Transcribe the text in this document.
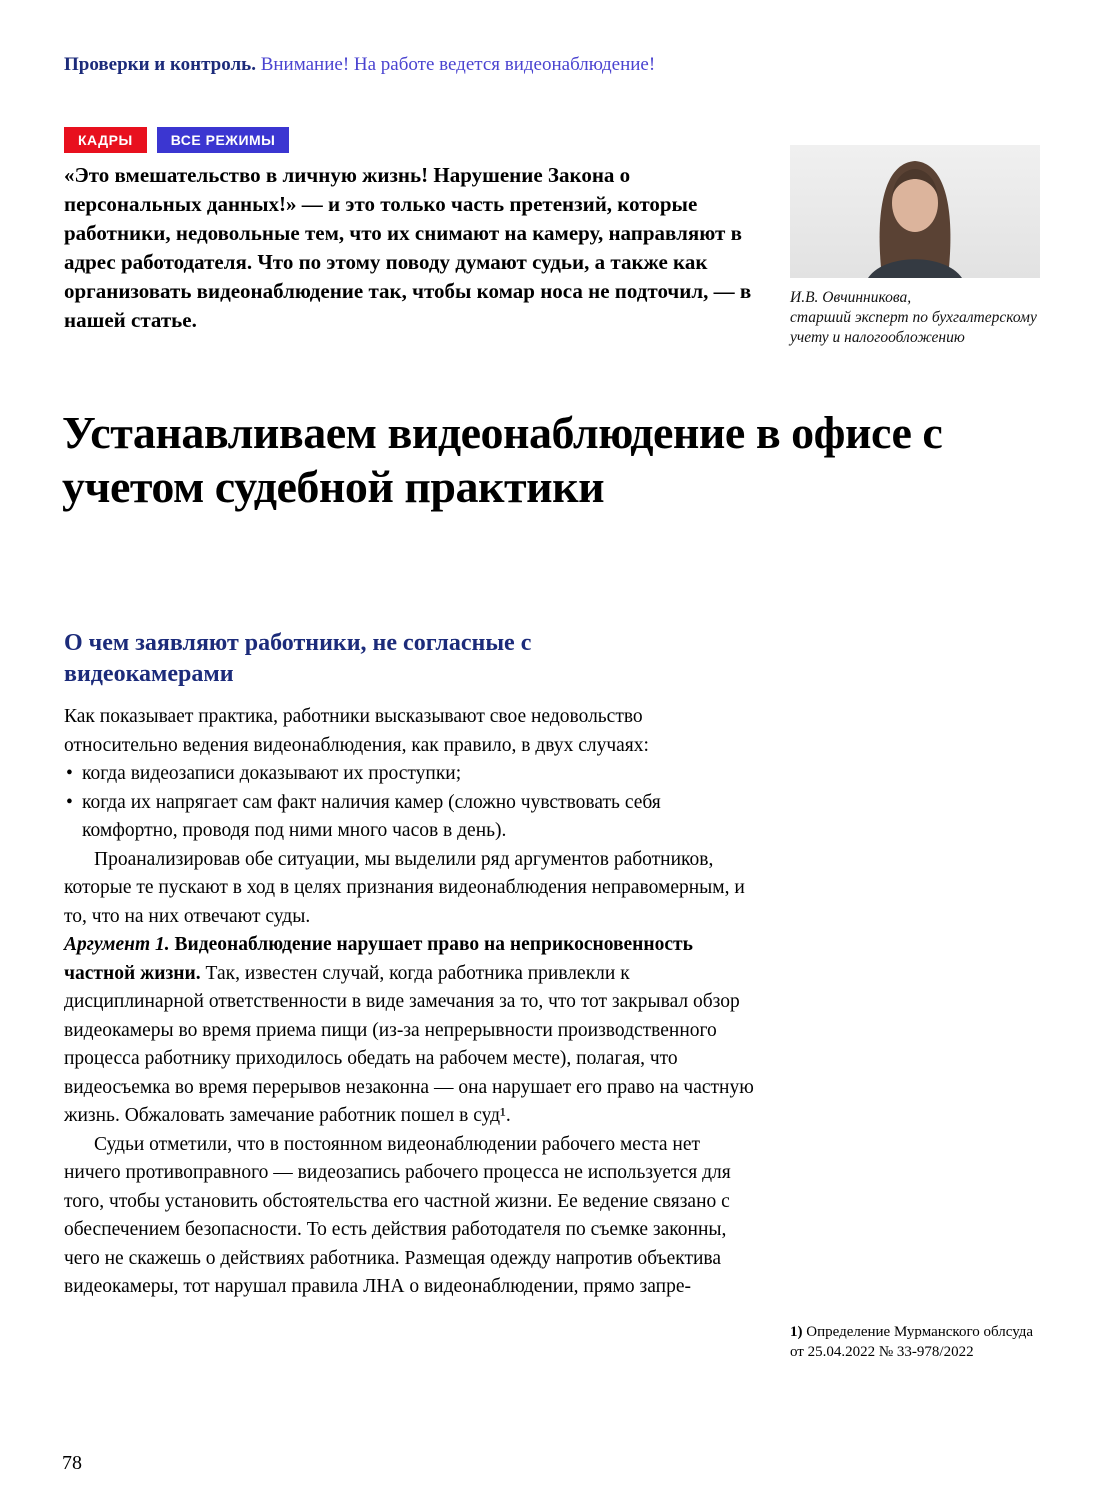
Проверки и контроль. Внимание! На работе ведется видеонаблюдение!
КАДРЫ	ВСЕ РЕЖИМЫ
«Это вмешательство в личную жизнь! Нарушение Закона о персональных данных!» — и это только часть претензий, которые работники, недовольные тем, что их снимают на камеру, направляют в адрес работодателя. Что по этому поводу думают судьи, а также как организовать видеонаблюдение так, чтобы комар носа не подточил, — в нашей статье.
И.В. Овчинникова,
старший эксперт по бухгалтерскому учету и налогообложению
Устанавливаем видеонаблюдение в офисе с учетом судебной практики
О чем заявляют работники, не согласные с видеокамерами

Как показывает практика, работники высказывают свое недовольство относительно ведения видеонаблюдения, как правило, в двух случаях:

• когда видеозаписи доказывают их проступки;
• когда их напрягает сам факт наличия камер (сложно чувствовать себя комфортно, проводя под ними много часов в день).

Проанализировав обе ситуации, мы выделили ряд аргументов работников, которые те пускают в ход в целях признания видеонаблюдения неправомерным, и то, что на них отвечают суды.

Аргумент 1. Видеонаблюдение нарушает право на неприкосновенность частной жизни. Так, известен случай, когда работника привлекли к дисциплинарной ответственности в виде замечания за то, что тот закрывал обзор видеокамеры во время приема пищи (из-за непрерывности производственного процесса работнику приходилось обедать на рабочем месте), полагая, что видеосъемка во время перерывов незаконна — она нарушает его право на частную жизнь. Обжаловать замечание работник пошел в суд¹.

Судьи отметили, что в постоянном видеонаблюдении рабочего места нет ничего противоправного — видеозапись рабочего процесса не используется для того, чтобы установить обстоятельства его частной жизни. Ее ведение связано с обеспечением безопасности. То есть действия работодателя по съемке законны, чего не скажешь о действиях работника. Размещая одежду напротив объектива видеокамеры, тот нарушал правила ЛНА о видеонаблюдении, прямо запре-

1) Определение Мурманского облсуда от 25.04.2022 № 33-978/2022
78
